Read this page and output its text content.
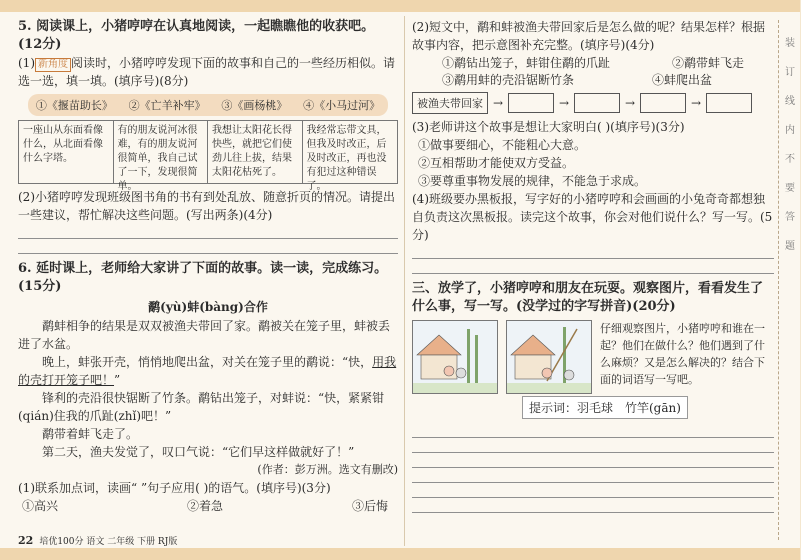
5. 阅读课上，小猪哼哼在认真地阅读，一起瞧瞧他的收获吧。(12分)

(1) 新角度 阅读时，小猪哼哼发现下面的故事和自己的一些经历相似。请选一选，填一填。(填序号)(8分)

①《揠苗助长》 ②《亡羊补牢》 ③《画杨桃》 ④《小马过河》
一座山从东面看像什么，从北面看像什么字塔。
有的朋友说河冰很难，有的朋友说河很简单，我自己试了一下，发现很简单。
我想让太阳花长得快些，就把它们使劲儿往上拔，结果太阳花枯死了。
我经常忘带文具，但我及时改正，后及时改正，再也没有犯过这种错误了。

(2)小猪哼哼发现班级图书角的书有到处乱放、随意折页的情况。请提出一些建议，帮忙解决这些问题。(写出两条)(4分)

6. 延时课上，老师给大家讲了下面的故事。读一读，完成练习。(15分)

鹬(yù)蚌(bàng)合作

鹬蚌相争的结果是双双被渔夫带回了家。鹬被关在笼子里，蚌被丢进了水盆。

晚上，蚌张开壳，悄悄地爬出盆，对关在笼子里的鹬说：“快，用我的壳打开笼子吧！”

锋利的壳沿很快锯断了竹条。鹬钻出笼子，对蚌说：“快，紧紧钳(qián)住我的爪趾(zhǐ)吧！”

鹬带着蚌飞走了。

第二天，渔夫发觉了，叹口气说：“它们早这样做就好了！”

(作者：彭万洲。选文有删改)

(1)联系加点词，读画“ ”句子应用( )的语气。(填序号)(3分)

①高兴	②着急	③后悔

(2)短文中，鹬和蚌被渔夫带回家后是怎么做的呢？结果怎样？根据故事内容，把示意图补充完整。(填序号)(4分)

①鹬钻出笼子，蚌钳住鹬的爪趾	②鹬带蚌飞走
③鹬用蚌的壳沿锯断竹条	④蚌爬出盆
被渔夫带回家 →	→	→	→

(3)老师讲这个故事是想让大家明白( )(填序号)(3分)

①做事要细心，不能粗心大意。

②互相帮助才能使双方受益。

③要尊重事物发展的规律，不能急于求成。

(4)班级要办黑板报，写字好的小猪哼哼和会画画的小兔奇奇都想独自负责这次黑板报。读完这个故事，你会对他们说什么？写一写。(5分)

三、放学了，小猪哼哼和朋友在玩耍。观察图片，看看发生了什么事，写一写。(没学过的字写拼音)(20分)

仔细观察图片，小猪哼哼和谁在一起？他们在做什么？他们遇到了什么麻烦？又是怎么解决的？结合下面的词语写一写吧。

提示词：羽毛球　竹竿(gān)
装
订
线
内
不
要
答
题
22 培优100分 语文 二年级 下册 RJ版
